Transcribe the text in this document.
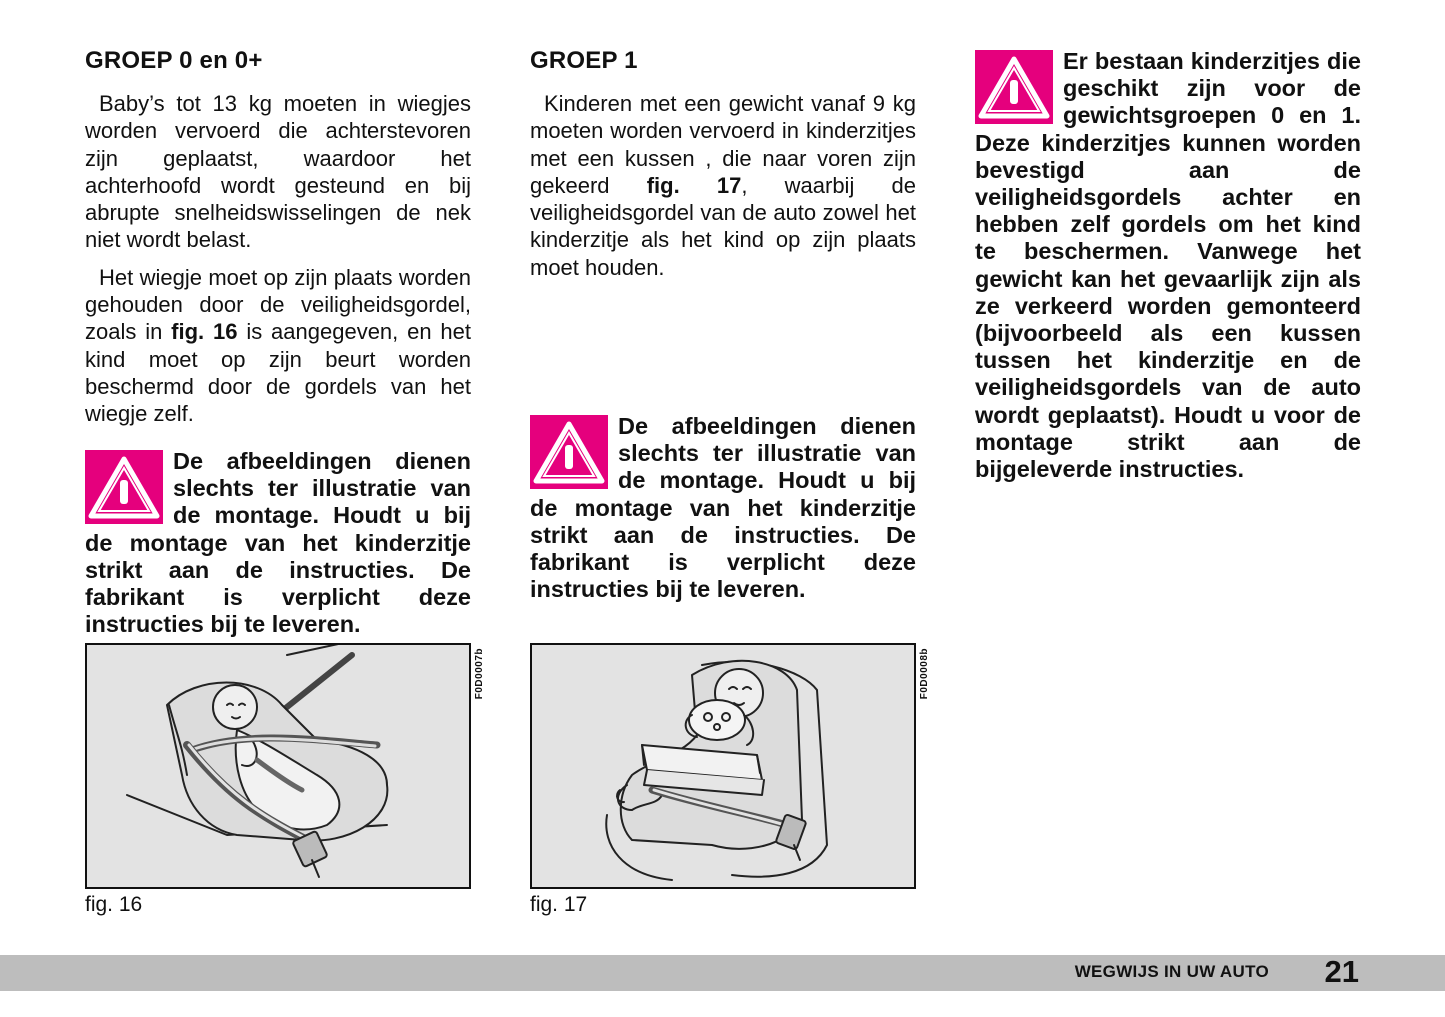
GROEP 0 en 0+

Baby’s tot 13 kg moeten in wiegjes worden vervoerd die achterstevoren zijn geplaatst, waardoor het achterhoofd wordt gesteund en bij abrupte snelheidswisselingen de nek niet wordt belast.

Het wiegje moet op zijn plaats worden gehouden door de veiligheidsgordel, zoals in fig. 16 is aangegeven, en het kind moet op zijn beurt worden beschermd door de gordels van het wiegje zelf.

De afbeeldingen dienen slechts ter illustratie van de montage. Houdt u bij de montage van het kinderzitje strikt aan de instructies. De fabrikant is verplicht deze instructies bij te leveren.
GROEP 1

Kinderen met een gewicht vanaf 9 kg moeten worden vervoerd in kinderzitjes met een kussen , die naar voren zijn gekeerd fig. 17, waarbij de veiligheidsgordel van de auto zowel het kinderzitje als het kind op zijn plaats moet houden.

De afbeeldingen dienen slechts ter illustratie van de montage. Houdt u bij de montage van het kinderzitje strikt aan de instructies. De fabrikant is verplicht deze instructies bij te leveren.
Er bestaan kinderzitjes die geschikt zijn voor de gewichtsgroepen 0 en 1. Deze kinderzitjes kunnen worden bevestigd aan de veiligheidsgordels achter en hebben zelf gordels om het kind te beschermen. Vanwege het gewicht kan het gevaarlijk zijn als ze verkeerd worden gemonteerd (bijvoorbeeld als een kussen tussen het kinderzitje en de veiligheidsgordels van de auto wordt geplaatst). Houdt u voor de montage strikt aan de bijgeleverde instructies.
F0D0007b
fig. 16
F0D0008b
fig. 17
WEGWIJS IN UW AUTO 21
